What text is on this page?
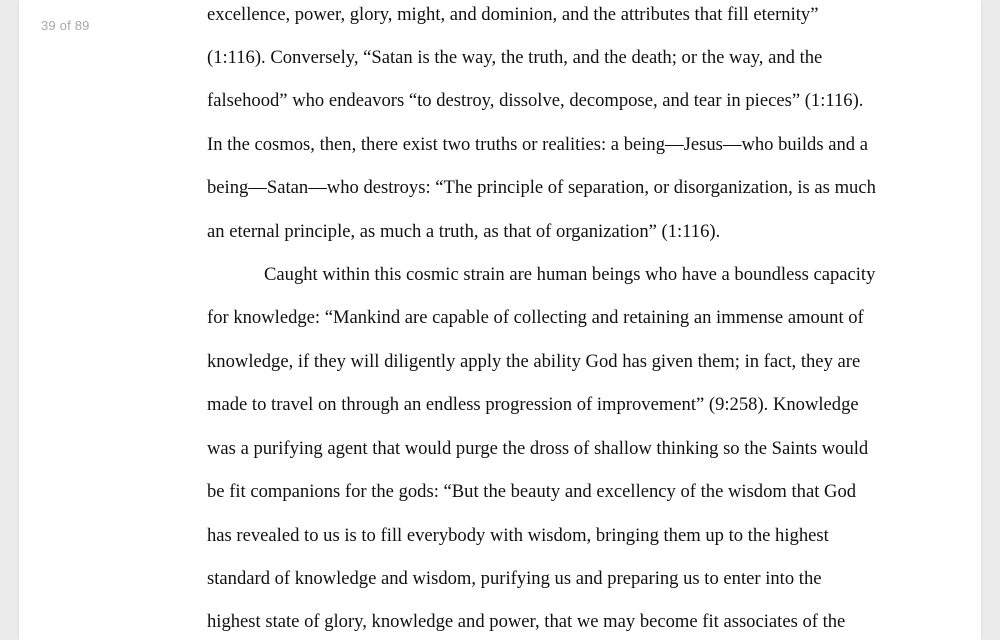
39 of 89
excellence, power, glory, might, and dominion, and the attributes that fill eternity”
(1:116). Conversely, “Satan is the way, the truth, and the death; or the way, and the
falsehood” who endeavors “to destroy, dissolve, decompose, and tear in pieces” (1:116).
In the cosmos, then, there exist two truths or realities: a being—Jesus—who builds and a
being—Satan—who destroys: “The principle of separation, or disorganization, is as much
an eternal principle, as much a truth, as that of organization” (1:116).
Caught within this cosmic strain are human beings who have a boundless capacity
for knowledge: “Mankind are capable of collecting and retaining an immense amount of
knowledge, if they will diligently apply the ability God has given them; in fact, they are
made to travel on through an endless progression of improvement” (9:258). Knowledge
was a purifying agent that would purge the dross of shallow thinking so the Saints would
be fit companions for the gods: “But the beauty and excellency of the wisdom that God
has revealed to us is to fill everybody with wisdom, bringing them up to the highest
standard of knowledge and wisdom, purifying us and preparing us to enter into the
highest state of glory, knowledge and power, that we may become fit associates of the
